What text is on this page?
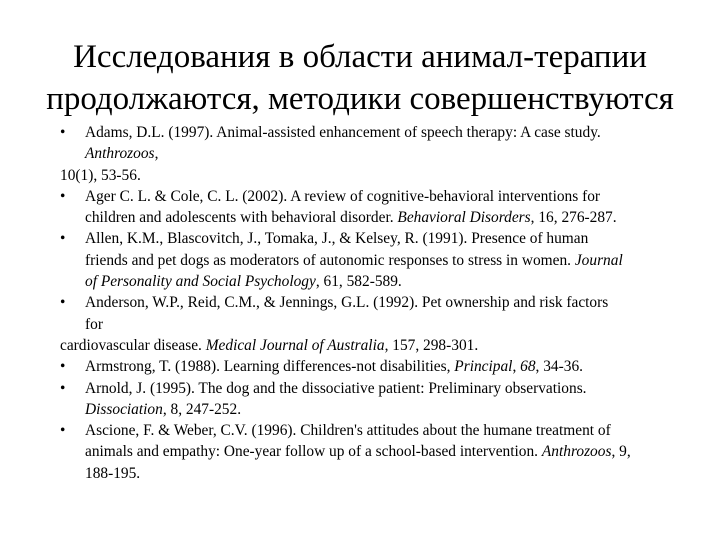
Исследования в области анимал-терапии
продолжаются, методики совершенствуются
• Adams, D.L. (1997). Animal-assisted enhancement of speech therapy: A case study.
Anthrozoos,
10(1), 53-56.
• Ager C. L. & Cole, C. L. (2002). A review of cognitive-behavioral interventions for
children and adolescents with behavioral disorder. Behavioral Disorders, 16, 276-287.
• Allen, K.M., Blascovitch, J., Tomaka, J., & Kelsey, R. (1991). Presence of human
friends and pet dogs as moderators of autonomic responses to stress in women. Journal
of Personality and Social Psychology, 61, 582-589.
• Anderson, W.P., Reid, C.M., & Jennings, G.L. (1992). Pet ownership and risk factors
for
cardiovascular disease. Medical Journal of Australia, 157, 298-301.
• Armstrong, T. (1988). Learning differences-not disabilities, Principal, 68, 34-36.
• Arnold, J. (1995). The dog and the dissociative patient: Preliminary observations.
Dissociation, 8, 247-252.
• Ascione, F. & Weber, C.V. (1996). Children's attitudes about the humane treatment of
animals and empathy: One-year follow up of a school-based intervention. Anthrozoos, 9,
188-195.
